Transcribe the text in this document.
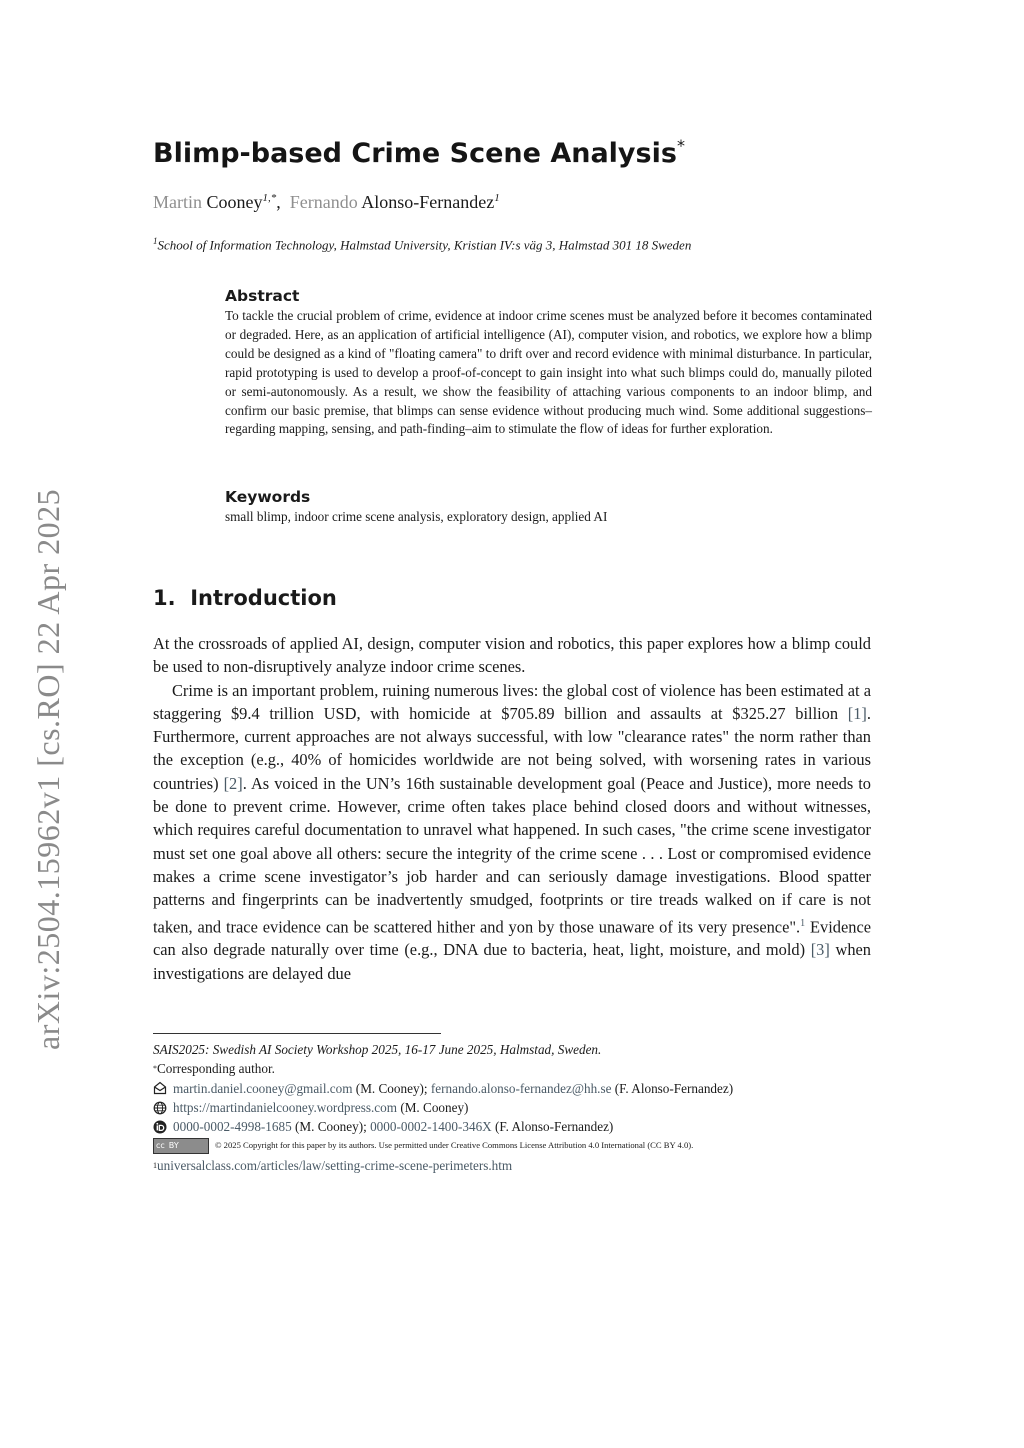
arXiv:2504.15962v1 [cs.RO] 22 Apr 2025
Blimp-based Crime Scene Analysis*
Martin Cooney$^{1,*}$,  Fernando Alonso-Fernandez$^1$
$^1$School of Information Technology, Halmstad University, Kristian IV:s väg 3, Halmstad 301 18 Sweden
Abstract

To tackle the crucial problem of crime, evidence at indoor crime scenes must be analyzed before it becomes contaminated or degraded. Here, as an application of artificial intelligence (AI), computer vision, and robotics, we explore how a blimp could be designed as a kind of "floating camera" to drift over and record evidence with minimal disturbance. In particular, rapid prototyping is used to develop a proof-of-concept to gain insight into what such blimps could do, manually piloted or semi-autonomously. As a result, we show the feasibility of attaching various components to an indoor blimp, and confirm our basic premise, that blimps can sense evidence without producing much wind. Some additional suggestions–regarding mapping, sensing, and path-finding–aim to stimulate the flow of ideas for further exploration.

Keywords

small blimp, indoor crime scene analysis, exploratory design, applied AI

1. Introduction

At the crossroads of applied AI, design, computer vision and robotics, this paper explores how a blimp could be used to non-disruptively analyze indoor crime scenes.

Crime is an important problem, ruining numerous lives: the global cost of violence has been estimated at a staggering $9.4 trillion USD, with homicide at $705.89 billion and assaults at $325.27 billion [1]. Furthermore, current approaches are not always successful, with low "clearance rates" the norm rather than the exception (e.g., 40% of homicides worldwide are not being solved, with worsening rates in various countries) [2]. As voiced in the UN’s 16th sustainable development goal (Peace and Justice), more needs to be done to prevent crime. However, crime often takes place behind closed doors and without witnesses, which requires careful documentation to unravel what happened. In such cases, "the crime scene investigator must set one goal above all others: secure the integrity of the crime scene . . . Lost or compromised evidence makes a crime scene investigator’s job harder and can seriously damage investigations. Blood spatter patterns and fingerprints can be inadvertently smudged, footprints or tire treads walked on if care is not taken, and trace evidence can be scattered hither and yon by those unaware of its very presence".$^1$ Evidence can also degrade naturally over time (e.g., DNA due to bacteria, heat, light, moisture, and mold) [3] when investigations are delayed due

SAIS2025: Swedish AI Society Workshop 2025, 16-17 June 2025, Halmstad, Sweden.
* Corresponding author.
martin.daniel.cooney@gmail.com (M. Cooney); fernando.alonso-fernandez@hh.se (F. Alonso-Fernandez)
https://martindanielcooney.wordpress.com (M. Cooney)
0000-0002-4998-1685 (M. Cooney); 0000-0002-1400-346X (F. Alonso-Fernandez)
cc BY	© 2025 Copyright for this paper by its authors. Use permitted under Creative Commons License Attribution 4.0 International (CC BY 4.0).
1 universalclass.com/articles/law/setting-crime-scene-perimeters.htm
